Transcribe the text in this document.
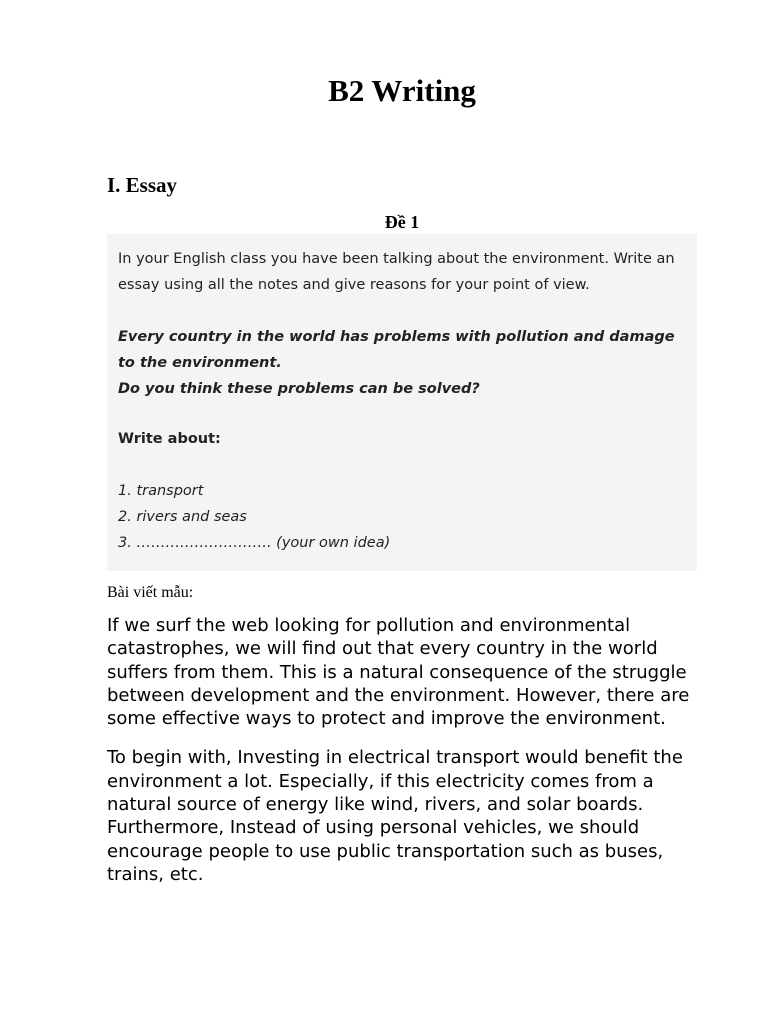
B2 Writing
I. Essay
Đề 1

In your English class you have been talking about the environment. Write an essay using all the notes and give reasons for your point of view.

Every country in the world has problems with pollution and damage to the environment.
Do you think these problems can be solved?

Write about:

1. transport
2. rivers and seas
3. ………………………. (your own idea)
Bài viết mẫu:

If we surf the web looking for pollution and environmental catastrophes, we will find out that every country in the world suffers from them. This is a natural consequence of the struggle between development and the environment. However, there are some effective ways to protect and improve the environment.

To begin with, Investing in electrical transport would benefit the environment a lot. Especially, if this electricity comes from a natural source of energy like wind, rivers, and solar boards. Furthermore, Instead of using personal vehicles, we should encourage people to use public transportation such as buses, trains, etc.
